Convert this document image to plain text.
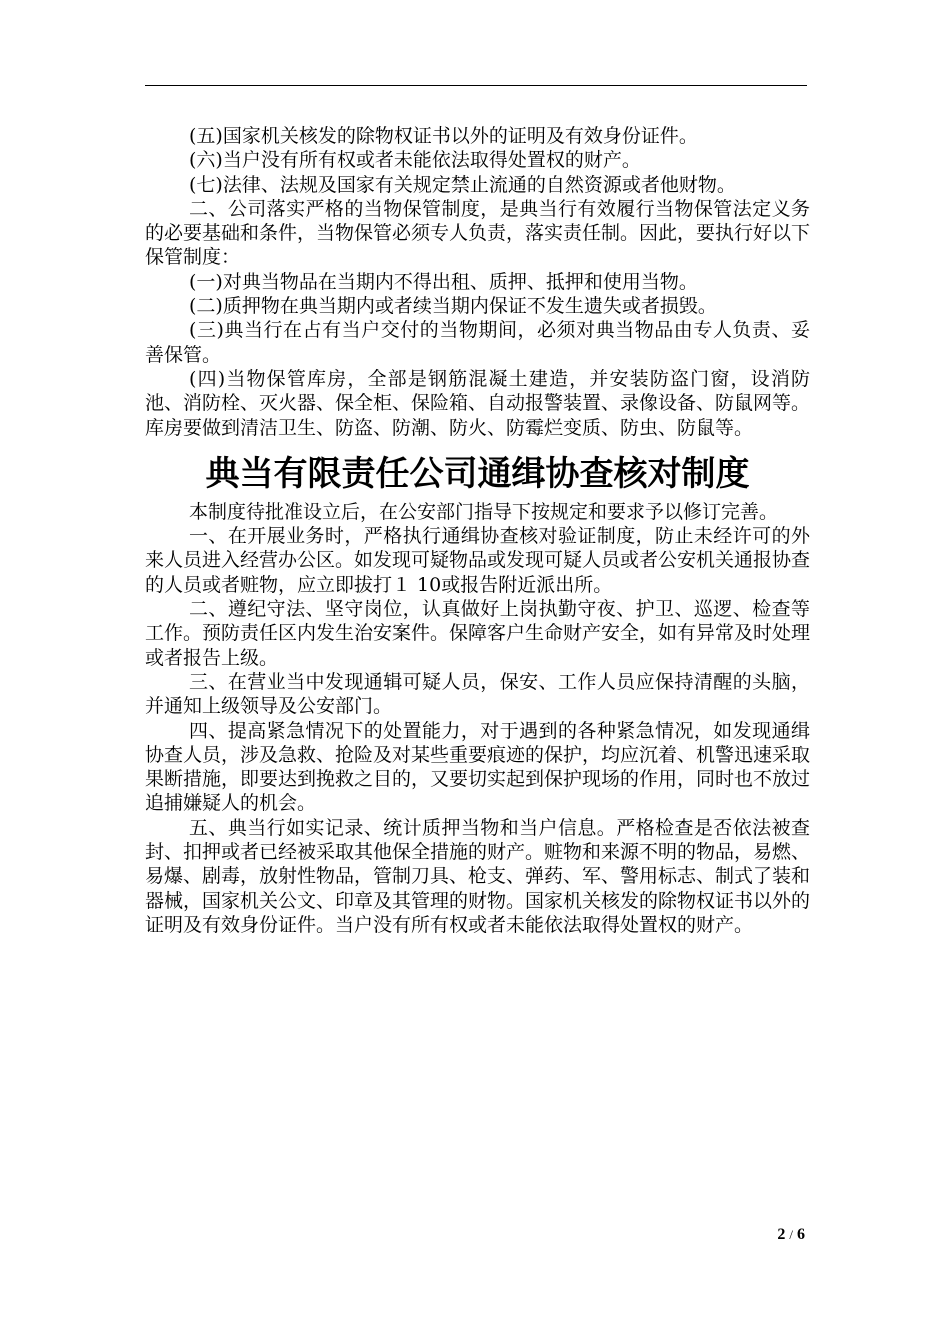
(五)国家机关核发的除物权证书以外的证明及有效身份证件。

(六)当户没有所有权或者未能依法取得处置权的财产。

(七)法律、法规及国家有关规定禁止流通的自然资源或者他财物。

二、公司落实严格的当物保管制度，是典当行有效履行当物保管法定义务的必要基础和条件，当物保管必须专人负责，落实责任制。因此，要执行好以下保管制度：

(一)对典当物品在当期内不得出租、质押、抵押和使用当物。

(二)质押物在典当期内或者续当期内保证不发生遗失或者损毁。

(三)典当行在占有当户交付的当物期间，必须对典当物品由专人负责、妥善保管。

(四)当物保管库房，全部是钢筋混凝土建造，并安装防盗门窗，设消防池、消防栓、灭火器、保全柜、保险箱、自动报警装置、录像设备、防鼠网等。库房要做到清洁卫生、防盗、防潮、防火、防霉烂变质、防虫、防鼠等。

典当有限责任公司通缉协查核对制度

本制度待批准设立后，在公安部门指导下按规定和要求予以修订完善。

一、在开展业务时，严格执行通缉协查核对验证制度，防止未经许可的外来人员进入经营办公区。如发现可疑物品或发现可疑人员或者公安机关通报协查的人员或者赃物，应立即拔打１ 10或报告附近派出所。

二、遵纪守法、坚守岗位，认真做好上岗执勤守夜、护卫、巡逻、检查等工作。预防责任区内发生治安案件。保障客户生命财产安全，如有异常及时处理或者报告上级。

三、在营业当中发现通辑可疑人员，保安、工作人员应保持清醒的头脑，并通知上级领导及公安部门。

四、提高紧急情况下的处置能力，对于遇到的各种紧急情况，如发现通缉协查人员，涉及急救、抢险及对某些重要痕迹的保护，均应沉着、机警迅速采取果断措施，即要达到挽救之目的，又要切实起到保护现场的作用，同时也不放过追捕嫌疑人的机会。

五、典当行如实记录、统计质押当物和当户信息。严格检查是否依法被查封、扣押或者已经被采取其他保全措施的财产。赃物和来源不明的物品，易燃、易爆、剧毒，放射性物品，管制刀具、枪支、弹药、军、警用标志、制式了装和器械，国家机关公文、印章及其管理的财物。国家机关核发的除物权证书以外的证明及有效身份证件。当户没有所有权或者未能依法取得处置权的财产。

2 / 6
